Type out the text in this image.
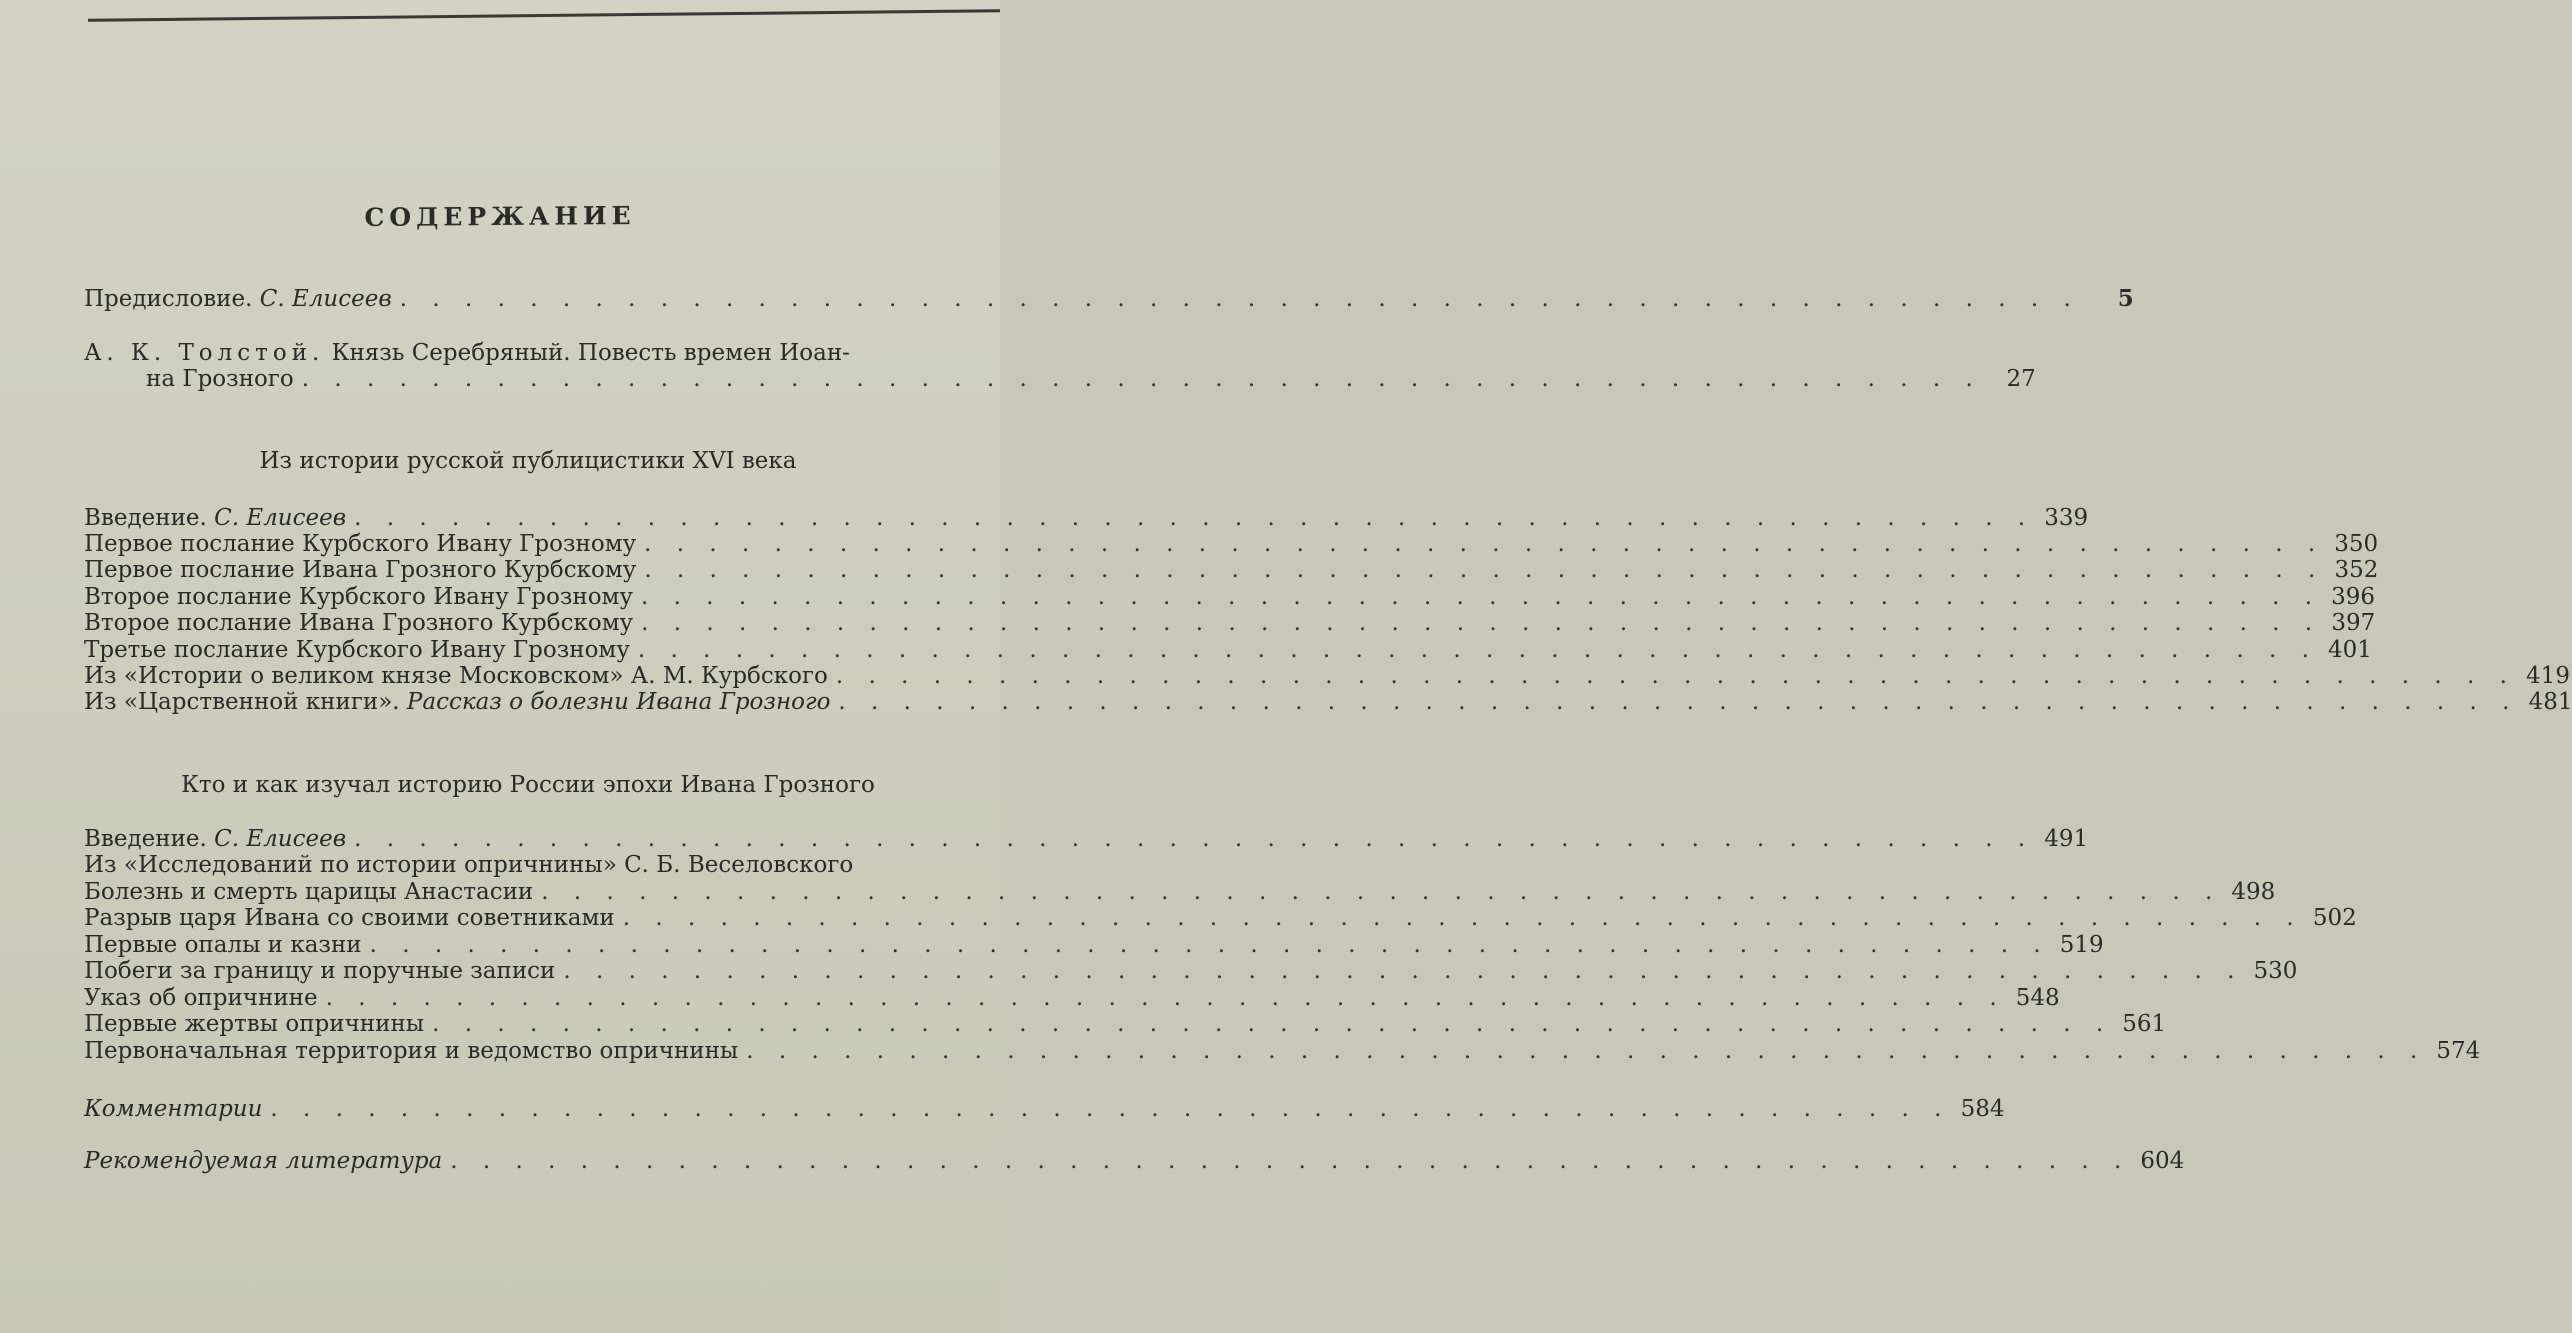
СОДЕРЖАНИЕ
Предисловие.
С. Елисеев . . . . . . . . . . . . . . . . . . . . . . . . . . . . . . . . . . . . . . . . . . . . . . . . . . . .	5
А. К. Толстой.
Князь Серебряный. Повесть времен Иоан-
на Грозного . . . . . . . . . . . . . . . . . . . . . . . . . . . . . . . . . . . . . . . . . . . . . . . . . . . .	27
Из истории русской публицистики XVI века
Введение.
С. Елисеев . . . . . . . . . . . . . . . . . . . . . . . . . . . . . . . . . . . . . . . . . . . . . . . . . . . . 339
Первое послание Курбского Ивану Грозному . . . . . . . . . . . . . . . . . . . . . . . . . . . . . . . . . . . . . . . . . . . . . . . . . . . . 350
Первое послание Ивана Грозного Курбскому . . . . . . . . . . . . . . . . . . . . . . . . . . . . . . . . . . . . . . . . . . . . . . . . . . . . 352
Второе послание Курбского Ивану Грозному . . . . . . . . . . . . . . . . . . . . . . . . . . . . . . . . . . . . . . . . . . . . . . . . . . . . 396
Второе послание Ивана Грозного Курбскому . . . . . . . . . . . . . . . . . . . . . . . . . . . . . . . . . . . . . . . . . . . . . . . . . . . . 397
Третье послание Курбского Ивану Грозному . . . . . . . . . . . . . . . . . . . . . . . . . . . . . . . . . . . . . . . . . . . . . . . . . . . . 401
Из «Истории о великом князе Московском» А. М. Курбского . . . . . . . . . . . . . . . . . . . . . . . . . . . . . . . . . . . . . . . . . . . . . . . . . . . . 419
Из «Царственной книги».
Рассказ о болезни Ивана Грозного . . . . . . . . . . . . . . . . . . . . . . . . . . . . . . . . . . . . . . . . . . . . . . . . . . . . 481
Кто и как изучал историю России эпохи Ивана Грозного
Введение.
С. Елисеев . . . . . . . . . . . . . . . . . . . . . . . . . . . . . . . . . . . . . . . . . . . . . . . . . . . . 491
Из «Исследований по истории опричнины» С. Б. Веселовского
Болезнь и смерть царицы Анастасии . . . . . . . . . . . . . . . . . . . . . . . . . . . . . . . . . . . . . . . . . . . . . . . . . . . . 498
Разрыв царя Ивана со своими советниками . . . . . . . . . . . . . . . . . . . . . . . . . . . . . . . . . . . . . . . . . . . . . . . . . . . . 502
Первые опалы и казни . . . . . . . . . . . . . . . . . . . . . . . . . . . . . . . . . . . . . . . . . . . . . . . . . . . . 519
Побеги за границу и поручные записи . . . . . . . . . . . . . . . . . . . . . . . . . . . . . . . . . . . . . . . . . . . . . . . . . . . . 530
Указ об опричнине . . . . . . . . . . . . . . . . . . . . . . . . . . . . . . . . . . . . . . . . . . . . . . . . . . . . 548
Первые жертвы опричнины . . . . . . . . . . . . . . . . . . . . . . . . . . . . . . . . . . . . . . . . . . . . . . . . . . . . 561
Первоначальная территория и ведомство опричнины . . . . . . . . . . . . . . . . . . . . . . . . . . . . . . . . . . . . . . . . . . . . . . . . . . . . 574
Комментарии . . . . . . . . . . . . . . . . . . . . . . . . . . . . . . . . . . . . . . . . . . . . . . . . . . . . 584
Рекомендуемая литература . . . . . . . . . . . . . . . . . . . . . . . . . . . . . . . . . . . . . . . . . . . . . . . . . . . . 604
